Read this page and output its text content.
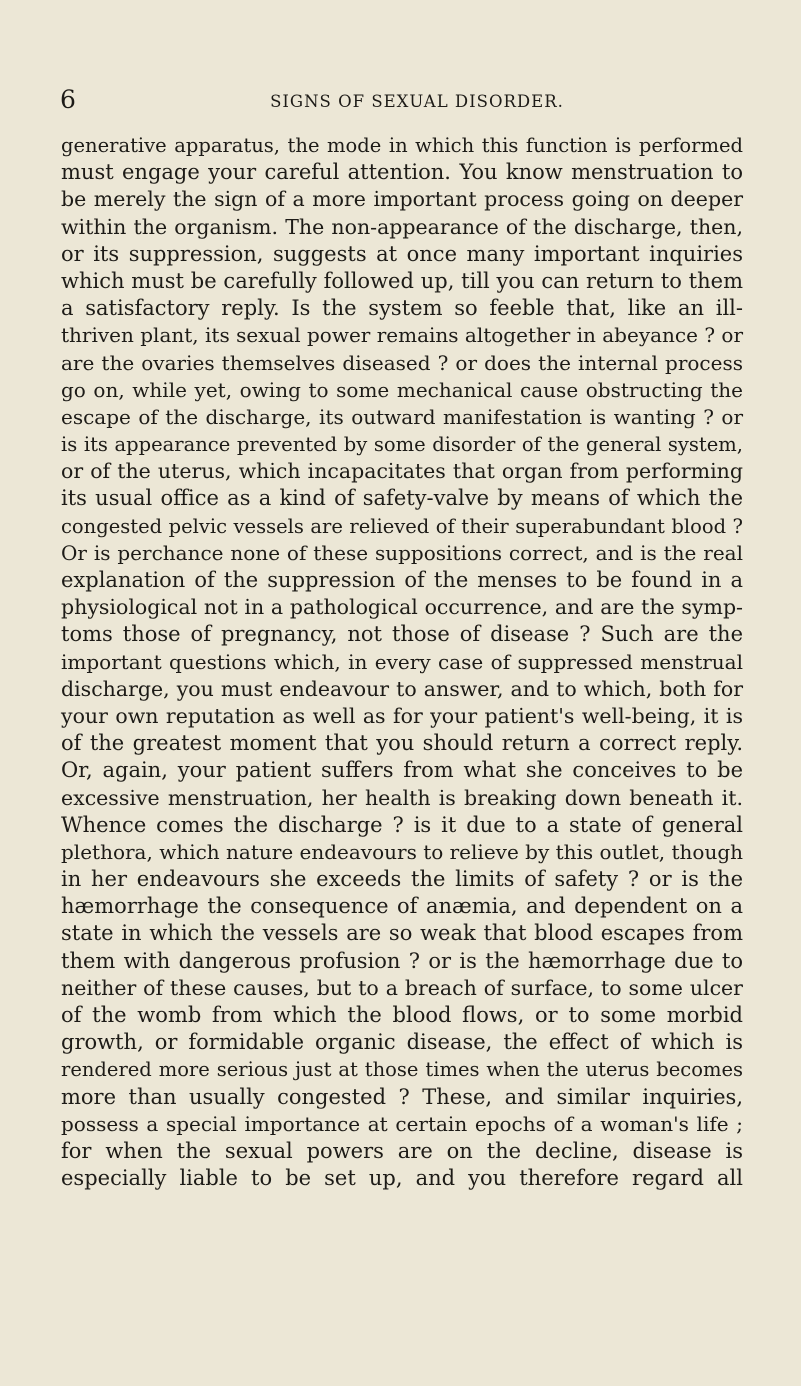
6	SIGNS OF SEXUAL DISORDER.
generative apparatus, the mode in which this function is performed
must engage your careful attention. You know menstruation to
be merely the sign of a more important process going on deeper
within the organism. The non-appearance of the discharge, then,
or its suppression, suggests at once many important inquiries
which must be carefully followed up, till you can return to them
a satisfactory reply. Is the system so feeble that, like an ill-
thriven plant, its sexual power remains altogether in abeyance ? or
are the ovaries themselves diseased ? or does the internal process
go on, while yet, owing to some mechanical cause obstructing the
escape of the discharge, its outward manifestation is wanting ? or
is its appearance prevented by some disorder of the general system,
or of the uterus, which incapacitates that organ from performing
its usual office as a kind of safety-valve by means of which the
congested pelvic vessels are relieved of their superabundant blood ?
Or is perchance none of these suppositions correct, and is the real
explanation of the suppression of the menses to be found in a
physiological not in a pathological occurrence, and are the symp-
toms those of pregnancy, not those of disease ? Such are the
important questions which, in every case of suppressed menstrual
discharge, you must endeavour to answer, and to which, both for
your own reputation as well as for your patient's well-being, it is
of the greatest moment that you should return a correct reply.
Or, again, your patient suffers from what she conceives to be
excessive menstruation, her health is breaking down beneath it.
Whence comes the discharge ? is it due to a state of general
plethora, which nature endeavours to relieve by this outlet, though
in her endeavours she exceeds the limits of safety ? or is the
hæmorrhage the consequence of anæmia, and dependent on a
state in which the vessels are so weak that blood escapes from
them with dangerous profusion ? or is the hæmorrhage due to
neither of these causes, but to a breach of surface, to some ulcer
of the womb from which the blood flows, or to some morbid
growth, or formidable organic disease, the effect of which is
rendered more serious just at those times when the uterus becomes
more than usually congested ? These, and similar inquiries,
possess a special importance at certain epochs of a woman's life ;
for when the sexual powers are on the decline, disease is
especially liable to be set up, and you therefore regard all
